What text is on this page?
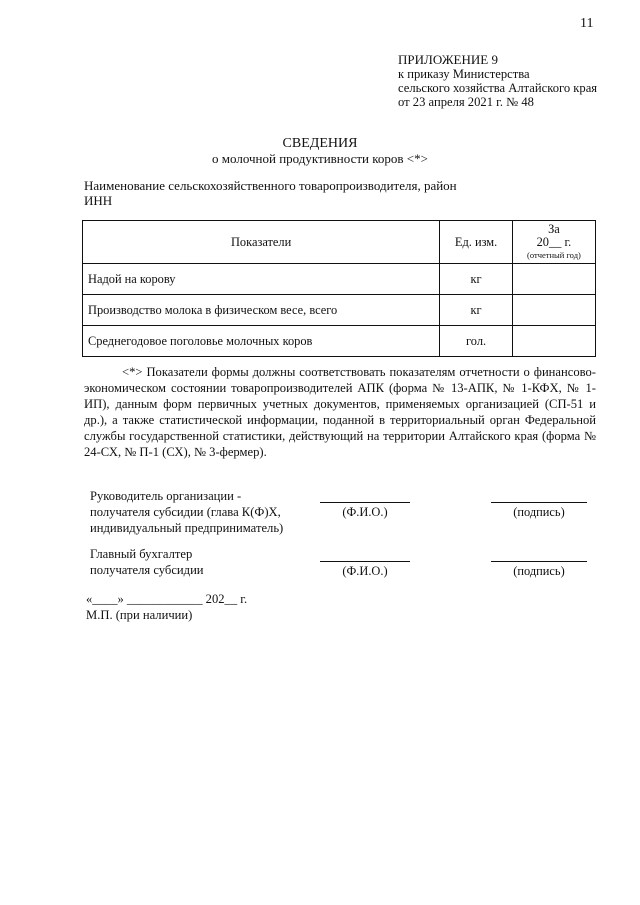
11
ПРИЛОЖЕНИЕ 9
к приказу Министерства
сельского хозяйства Алтайского края
от 23 апреля 2021 г. № 48
СВЕДЕНИЯ
о молочной продуктивности коров <*>
Наименование сельскохозяйственного товаропроизводителя, район
ИНН
Показатели	Ед. изм.	За
20__ г.
(отчетный год)

Надой на корову	кг	
Производство молока в физическом весе, всего	кг	
Среднегодовое поголовье молочных коров	гол.	
<*> Показатели формы должны соответствовать показателям отчетности о финансово-экономическом состоянии товаропроизводителей АПК (форма № 13-АПК, № 1-КФХ, № 1-ИП), данным форм первичных учетных документов, применяемых организацией (СП-51 и др.), а также статистической информации, поданной в территориальный орган Федеральной службы государственной статистики, действующий на территории Алтайского края (форма № 24-СХ, № П-1 (СХ), № 3-фермер).
Руководитель организации -
получателя субсидии (глава К(Ф)Х,
индивидуальный предприниматель)
(Ф.И.О.)	(подпись)
Главный бухгалтер
получателя субсидии	(Ф.И.О.)	(подпись)
«____» ____________ 202__ г.
М.П. (при наличии)
